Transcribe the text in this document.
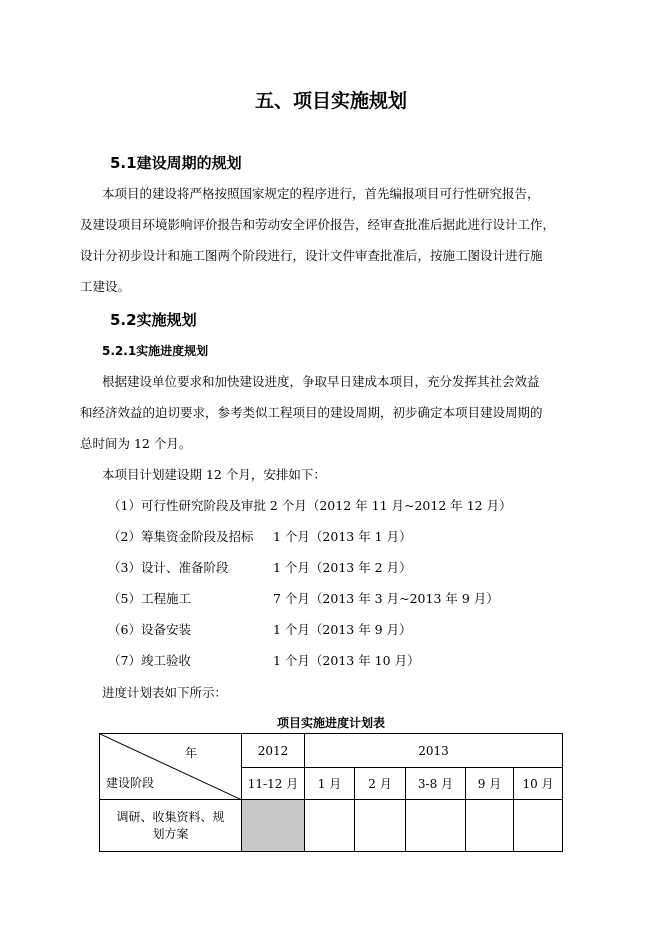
五、项目实施规划
5.1建设周期的规划
本项目的建设将严格按照国家规定的程序进行，首先编报项目可行性研究报告，
及建设项目环境影响评价报告和劳动安全评价报告，经审查批准后据此进行设计工作，
设计分初步设计和施工图两个阶段进行，设计文件审查批准后，按施工图设计进行施
工建设。
5.2实施规划
5.2.1实施进度规划
根据建设单位要求和加快建设进度，争取早日建成本项目，充分发挥其社会效益
和经济效益的迫切要求，参考类似工程项目的建设周期，初步确定本项目建设周期的
总时间为 12 个月。
本项目计划建设期 12 个月，安排如下：
（1）可行性研究阶段及审批 2 个月（2012 年 11 月~2012 年 12 月）
（2）筹集资金阶段及招标 1 个月（2013 年 1 月）
（3）设计、准备阶段	1 个月（2013 年 2 月）
（5）工程施工	7 个月（2013 年 3 月~2013 年 9 月）
（6）设备安装	1 个月（2013 年 9 月）
（7）竣工验收	1 个月（2013 年 10 月）
进度计划表如下所示：
项目实施进度计划表
年
建设阶段	2012	2013				
	11-12 月	1 月	2 月	3-8 月	9 月	10 月

调研、收集资料、规
划方案						
